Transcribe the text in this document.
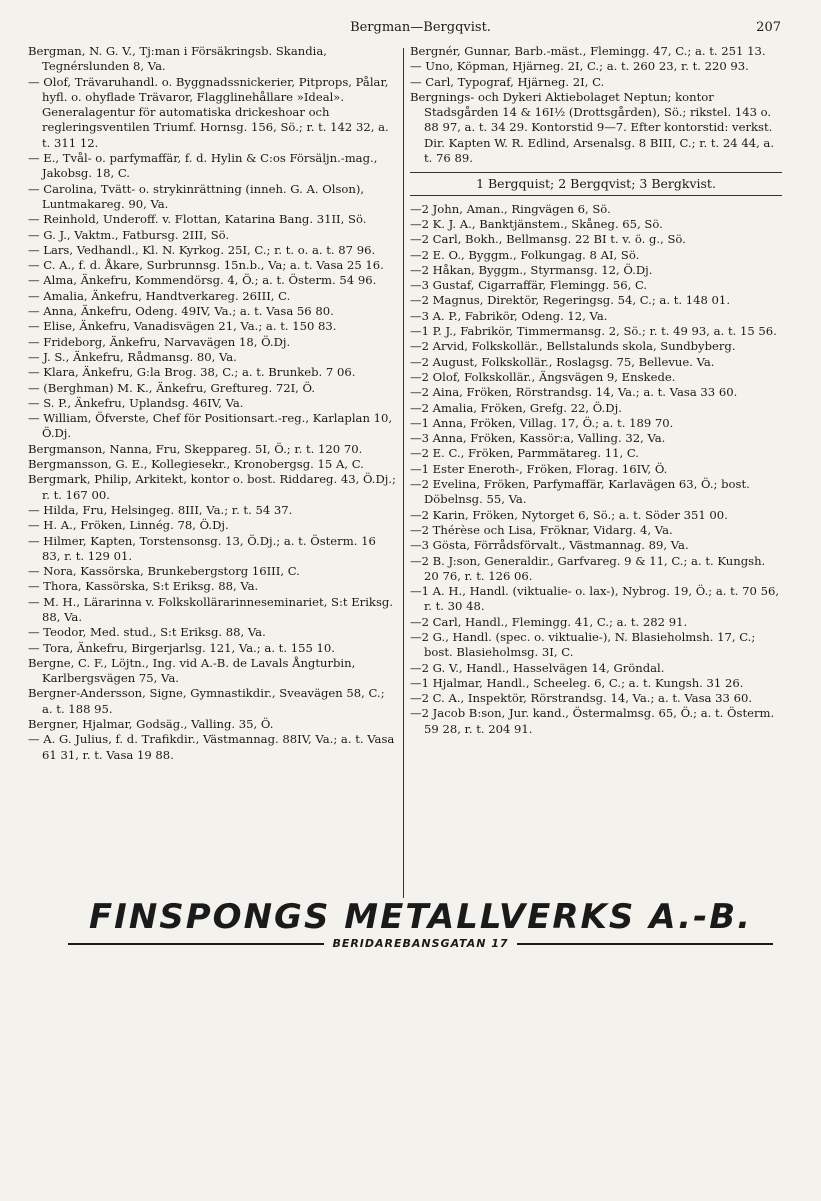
Bergman—Bergqvist.	207

Bergman, N. G. V., Tj:man i Försäkringsb. Skandia, Tegnérslunden 8, Va.

— Olof, Trävaruhandl. o. Byggnadssnickerier, Pitprops, Pålar, hyfl. o. ohyflade Trävaror, Flagglinehållare »Ideal». Generalagentur för automatiska drickeshoar och regleringsventilen Triumf. Hornsg. 156, Sö.; r. t. 142 32, a. t. 311 12.

— E., Tvål- o. parfymaffär, f. d. Hylin & C:os Försäljn.-mag., Jakobsg. 18, C.

— Carolina, Tvätt- o. strykinrättning (inneh. G. A. Olson), Luntmakareg. 90, Va.

— Reinhold, Underoff. v. Flottan, Katarina Bang. 31II, Sö.

— G. J., Vaktm., Fatbursg. 2III, Sö.

— Lars, Vedhandl., Kl. N. Kyrkog. 25I, C.; r. t. o. a. t. 87 96.

— C. A., f. d. Åkare, Surbrunnsg. 15n.b., Va; a. t. Vasa 25 16.

— Alma, Änkefru, Kommendörsg. 4, Ö.; a. t. Österm. 54 96.

— Amalia, Änkefru, Handtverkareg. 26III, C.

— Anna, Änkefru, Odeng. 49IV, Va.; a. t. Vasa 56 80.

— Elise, Änkefru, Vanadisvägen 21, Va.; a. t. 150 83.

— Frideborg, Änkefru, Narvavägen 18, Ö.Dj.

— J. S., Änkefru, Rådmansg. 80, Va.

— Klara, Änkefru, G:la Brog. 38, C.; a. t. Brunkeb. 7 06.

— (Berghman) M. K., Änkefru, Greftureg. 72I, Ö.

— S. P., Änkefru, Uplandsg. 46IV, Va.

— William, Öfverste, Chef för Positionsart.-reg., Karlaplan 10, Ö.Dj.

Bergmanson, Nanna, Fru, Skeppareg. 5I, Ö.; r. t. 120 70.

Bergmansson, G. E., Kollegiesekr., Kronobergsg. 15 A, C.

Bergmark, Philip, Arkitekt, kontor o. bost. Riddareg. 43, Ö.Dj.; r. t. 167 00.

— Hilda, Fru, Helsingeg. 8III, Va.; r. t. 54 37.

— H. A., Fröken, Linnég. 78, Ö.Dj.

— Hilmer, Kapten, Torstensonsg. 13, Ö.Dj.; a. t. Österm. 16 83, r. t. 129 01.

— Nora, Kassörska, Brunkebergstorg 16III, C.

— Thora, Kassörska, S:t Eriksg. 88, Va.

— M. H., Lärarinna v. Folkskollärarinneseminariet, S:t Eriksg. 88, Va.

— Teodor, Med. stud., S:t Eriksg. 88, Va.

— Tora, Änkefru, Birgerjarlsg. 121, Va.; a. t. 155 10.

Bergne, C. F., Löjtn., Ing. vid A.-B. de Lavals Ångturbin, Karlbergsvägen 75, Va.

Bergner-Andersson, Signe, Gymnastikdir., Sveavägen 58, C.; a. t. 188 95.

Bergner, Hjalmar, Godsäg., Valling. 35, Ö.

— A. G. Julius, f. d. Trafikdir., Västmannag. 88IV, Va.; a. t. Vasa 61 31, r. t. Vasa 19 88.

Bergnér, Gunnar, Barb.-mäst., Flemingg. 47, C.; a. t. 251 13.

— Uno, Köpman, Hjärneg. 2I, C.; a. t. 260 23, r. t. 220 93.

— Carl, Typograf, Hjärneg. 2I, C.

Bergnings- och Dykeri Aktiebolaget Neptun; kontor Stadsgården 14 & 16I½ (Drottsgården), Sö.; rikstel. 143 o. 88 97, a. t. 34 29. Kontorstid 9—7. Efter kontorstid: verkst. Dir. Kapten W. R. Edlind, Arsenalsg. 8 BIII, C.; r. t. 24 44, a. t. 76 89.

1 Bergquist; 2 Bergqvist; 3 Bergkvist.

—2 John, Aman., Ringvägen 6, Sö.

—2 K. J. A., Banktjänstem., Skåneg. 65, Sö.

—2 Carl, Bokh., Bellmansg. 22 BI t. v. ö. g., Sö.

—2 E. O., Byggm., Folkungag. 8 AI, Sö.

—2 Håkan, Byggm., Styrmansg. 12, Ö.Dj.

—3 Gustaf, Cigarraffär, Flemingg. 56, C.

—2 Magnus, Direktör, Regeringsg. 54, C.; a. t. 148 01.

—3 A. P., Fabrikör, Odeng. 12, Va.

—1 P. J., Fabrikör, Timmermansg. 2, Sö.; r. t. 49 93, a. t. 15 56.

—2 Arvid, Folkskollär., Bellstalunds skola, Sundbyberg.

—2 August, Folkskollär., Roslagsg. 75, Bellevue. Va.

—2 Olof, Folkskollär., Ängsvägen 9, Enskede.

—2 Aina, Fröken, Rörstrandsg. 14, Va.; a. t. Vasa 33 60.

—2 Amalia, Fröken, Grefg. 22, Ö.Dj.

—1 Anna, Fröken, Villag. 17, Ö.; a. t. 189 70.

—3 Anna, Fröken, Kassör:a, Valling. 32, Va.

—2 E. C., Fröken, Parmmätareg. 11, C.

—1 Ester Eneroth-, Fröken, Florag. 16IV, Ö.

—2 Evelina, Fröken, Parfymaffär, Karlavägen 63, Ö.; bost. Döbelnsg. 55, Va.

—2 Karin, Fröken, Nytorget 6, Sö.; a. t. Söder 351 00.

—2 Thérèse och Lisa, Fröknar, Vidarg. 4, Va.

—3 Gösta, Förrådsförvalt., Västmannag. 89, Va.

—2 B. J:son, Generaldir., Garfvareg. 9 & 11, C.; a. t. Kungsh. 20 76, r. t. 126 06.

—1 A. H., Handl. (viktualie- o. lax-), Nybrog. 19, Ö.; a. t. 70 56, r. t. 30 48.

—2 Carl, Handl., Flemingg. 41, C.; a. t. 282 91.

—2 G., Handl. (spec. o. viktualie-), N. Blasieholmsh. 17, C.; bost. Blasieholmsg. 3I, C.

—2 G. V., Handl., Hasselvägen 14, Gröndal.

—1 Hjalmar, Handl., Scheeleg. 6, C.; a. t. Kungsh. 31 26.

—2 C. A., Inspektör, Rörstrandsg. 14, Va.; a. t. Vasa 33 60.

—2 Jacob B:son, Jur. kand., Östermalmsg. 65, Ö.; a. t. Österm. 59 28, r. t. 204 91.

FINSPONGS METALLVERKS A.-B.
BERIDAREBANSGATAN 17
